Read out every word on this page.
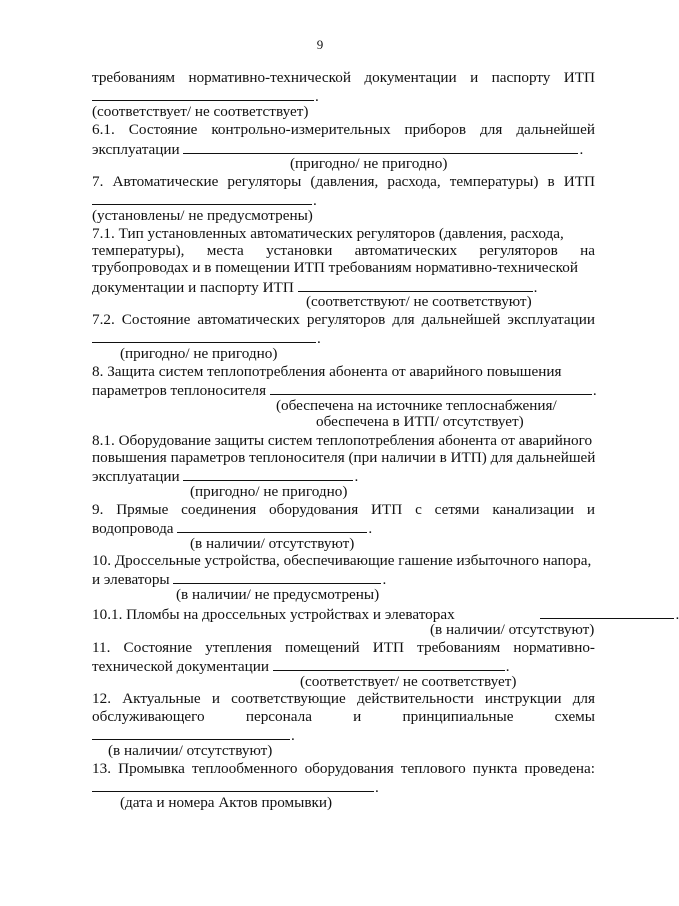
9
требованиям нормативно-технической документации и паспорту ИТП
.
(соответствует/ не соответствует)
6.1. Состояние контрольно-измерительных приборов для дальнейшей
эксплуатации	.
(пригодно/ не пригодно)
7. Автоматические регуляторы (давления, расхода, температуры) в ИТП
.
(установлены/ не предусмотрены)
7.1. Тип установленных автоматических регуляторов (давления, расхода,
температуры), места установки автоматических регуляторов на
трубопроводах и в помещении ИТП требованиям нормативно-технической
документации и паспорту ИТП	.
(соответствуют/ не соответствуют)
7.2. Состояние автоматических регуляторов для дальнейшей эксплуатации
.
(пригодно/ не пригодно)
8. Защита систем теплопотребления абонента от аварийного повышения
параметров теплоносителя	.
(обеспечена на источнике теплоснабжения/
обеспечена в ИТП/ отсутствует)
8.1. Оборудование защиты систем теплопотребления абонента от аварийного
повышения параметров теплоносителя (при наличии в ИТП) для дальнейшей
эксплуатации	.
(пригодно/ не пригодно)
9. Прямые соединения оборудования ИТП с сетями канализации и
водопровода	.
(в наличии/ отсутствуют)
10. Дроссельные устройства, обеспечивающие гашение избыточного напора,
и элеваторы	.
(в наличии/ не предусмотрены)
10.1. Пломбы на дроссельных устройствах и элеваторах	.
(в наличии/ отсутствуют)
11. Состояние утепления помещений ИТП требованиям нормативно-
технической документации	.
(соответствует/ не соответствует)
12. Актуальные и соответствующие действительности инструкции для
обслуживающего персонала и принципиальные схемы
.
(в наличии/ отсутствуют)
13. Промывка теплообменного оборудования теплового пункта проведена:
.
(дата и номера Актов промывки)
